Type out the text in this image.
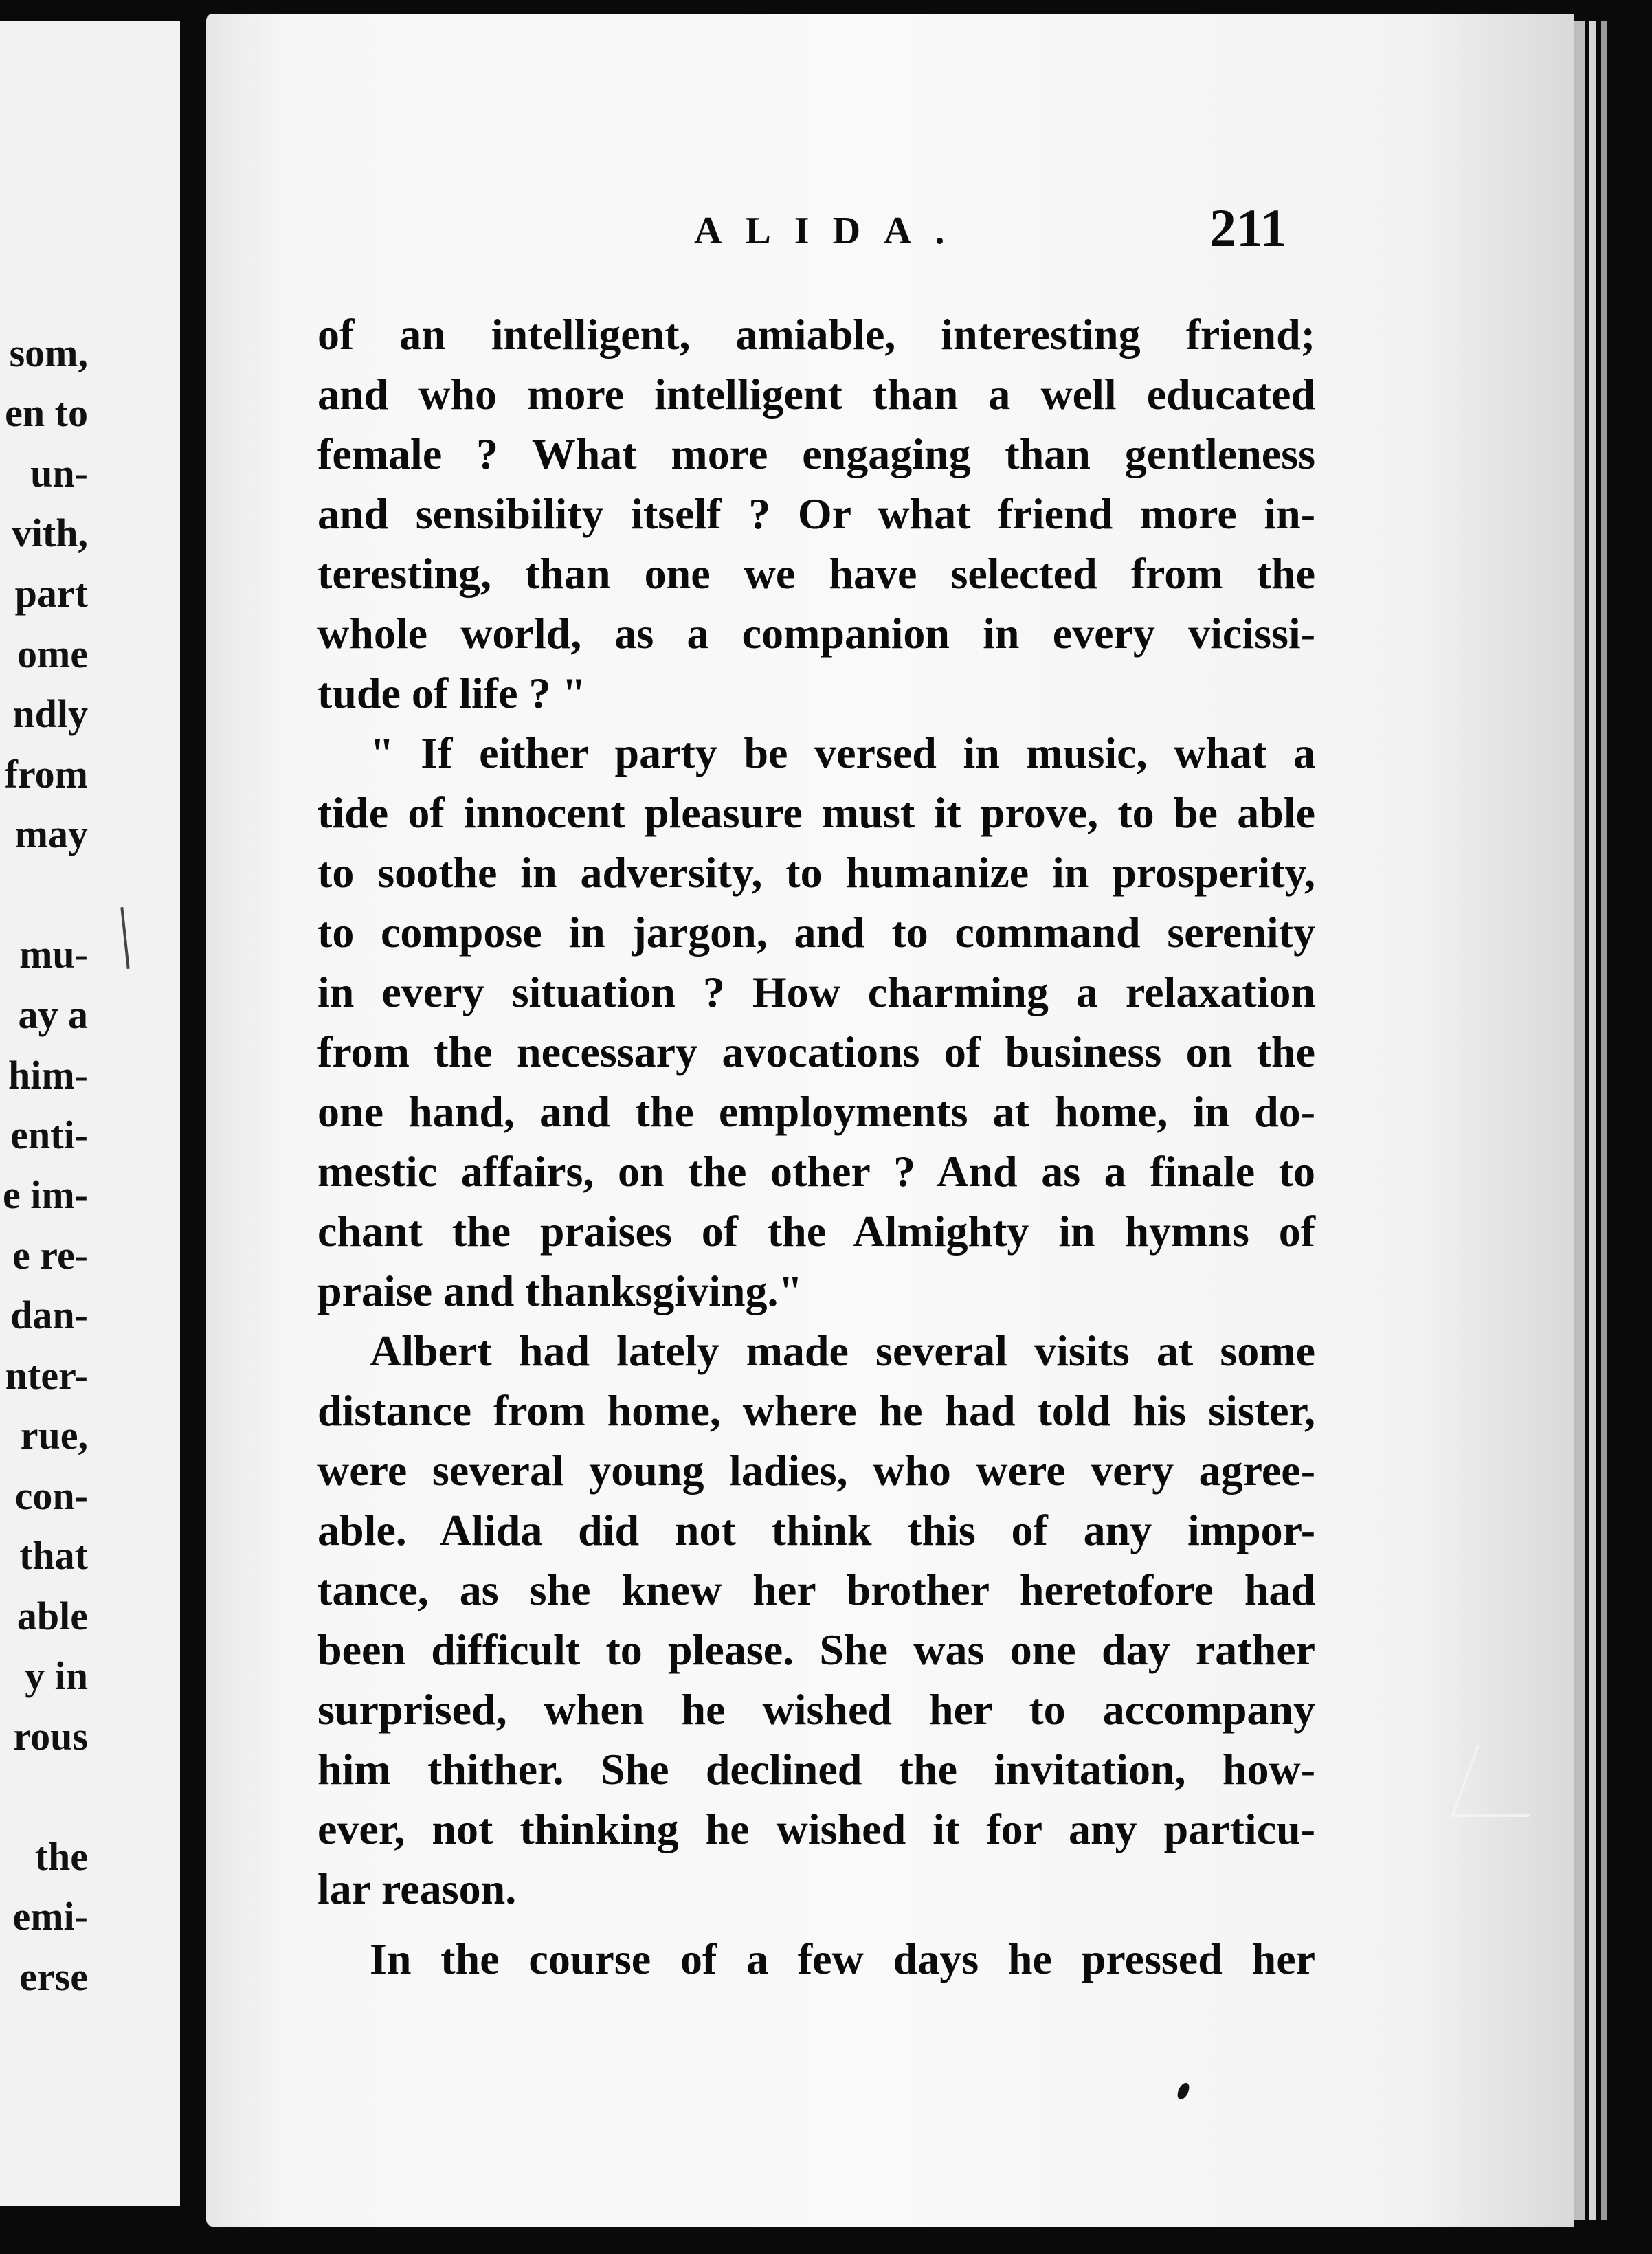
som,
en to
un-
vith,
part
ome
ndly
from
may
mu-
ay a
him-
enti-
e im-
e re-
dan-
nter-
rue,
con-
that
able
y in
rous
the
emi-
erse
ALIDA.	211
of an intelligent, amiable, interesting friend;
and who more intelligent than a well educated
female ? What more engaging than gentleness
and sensibility itself ? Or what friend more in-
teresting, than one we have selected from the
whole world, as a companion in every vicissi-
tude of life ? "
" If either party be versed in music, what a
tide of innocent pleasure must it prove, to be able
to soothe in adversity, to humanize in prosperity,
to compose in jargon, and to command serenity
in every situation ? How charming a relaxation
from the necessary avocations of business on the
one hand, and the employments at home, in do-
mestic affairs, on the other ? And as a finale to
chant the praises of the Almighty in hymns of
praise and thanksgiving."
Albert had lately made several visits at some
distance from home, where he had told his sister,
were several young ladies, who were very agree-
able. Alida did not think this of any impor-
tance, as she knew her brother heretofore had
been difficult to please. She was one day rather
surprised, when he wished her to accompany
him thither. She declined the invitation, how-
ever, not thinking he wished it for any particu-
lar reason.
In the course of a few days he pressed her
